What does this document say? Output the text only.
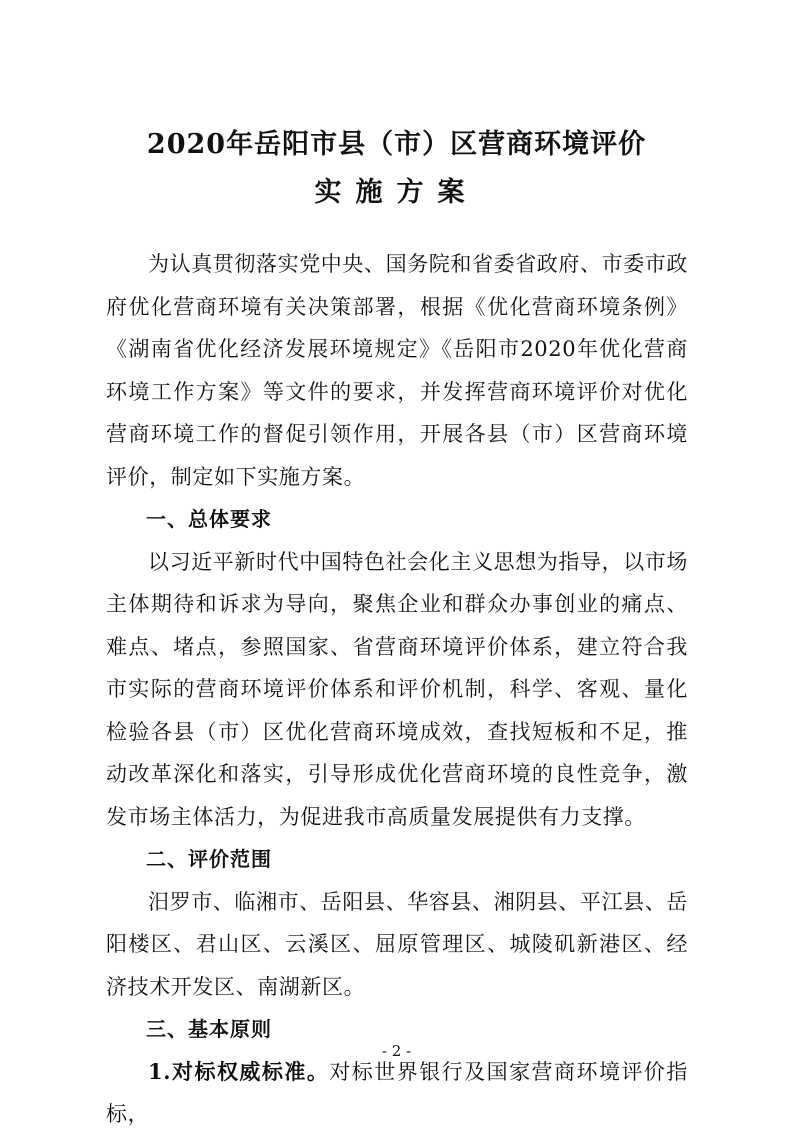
2020年岳阳市县（市）区营商环境评价
实施方案

为认真贯彻落实党中央、国务院和省委省政府、市委市政府优化营商环境有关决策部署，根据《优化营商环境条例》《湖南省优化经济发展环境规定》《岳阳市2020年优化营商环境工作方案》等文件的要求，并发挥营商环境评价对优化营商环境工作的督促引领作用，开展各县（市）区营商环境评价，制定如下实施方案。

一、总体要求

以习近平新时代中国特色社会化主义思想为指导，以市场主体期待和诉求为导向，聚焦企业和群众办事创业的痛点、难点、堵点，参照国家、省营商环境评价体系，建立符合我市实际的营商环境评价体系和评价机制，科学、客观、量化检验各县（市）区优化营商环境成效，查找短板和不足，推动改革深化和落实，引导形成优化营商环境的良性竞争，激发市场主体活力，为促进我市高质量发展提供有力支撑。

二、评价范围

汨罗市、临湘市、岳阳县、华容县、湘阴县、平江县、岳阳楼区、君山区、云溪区、屈原管理区、城陵矶新港区、经济技术开发区、南湖新区。

三、基本原则

1.对标权威标准。对标世界银行及国家营商环境评价指标，

- 2 -
